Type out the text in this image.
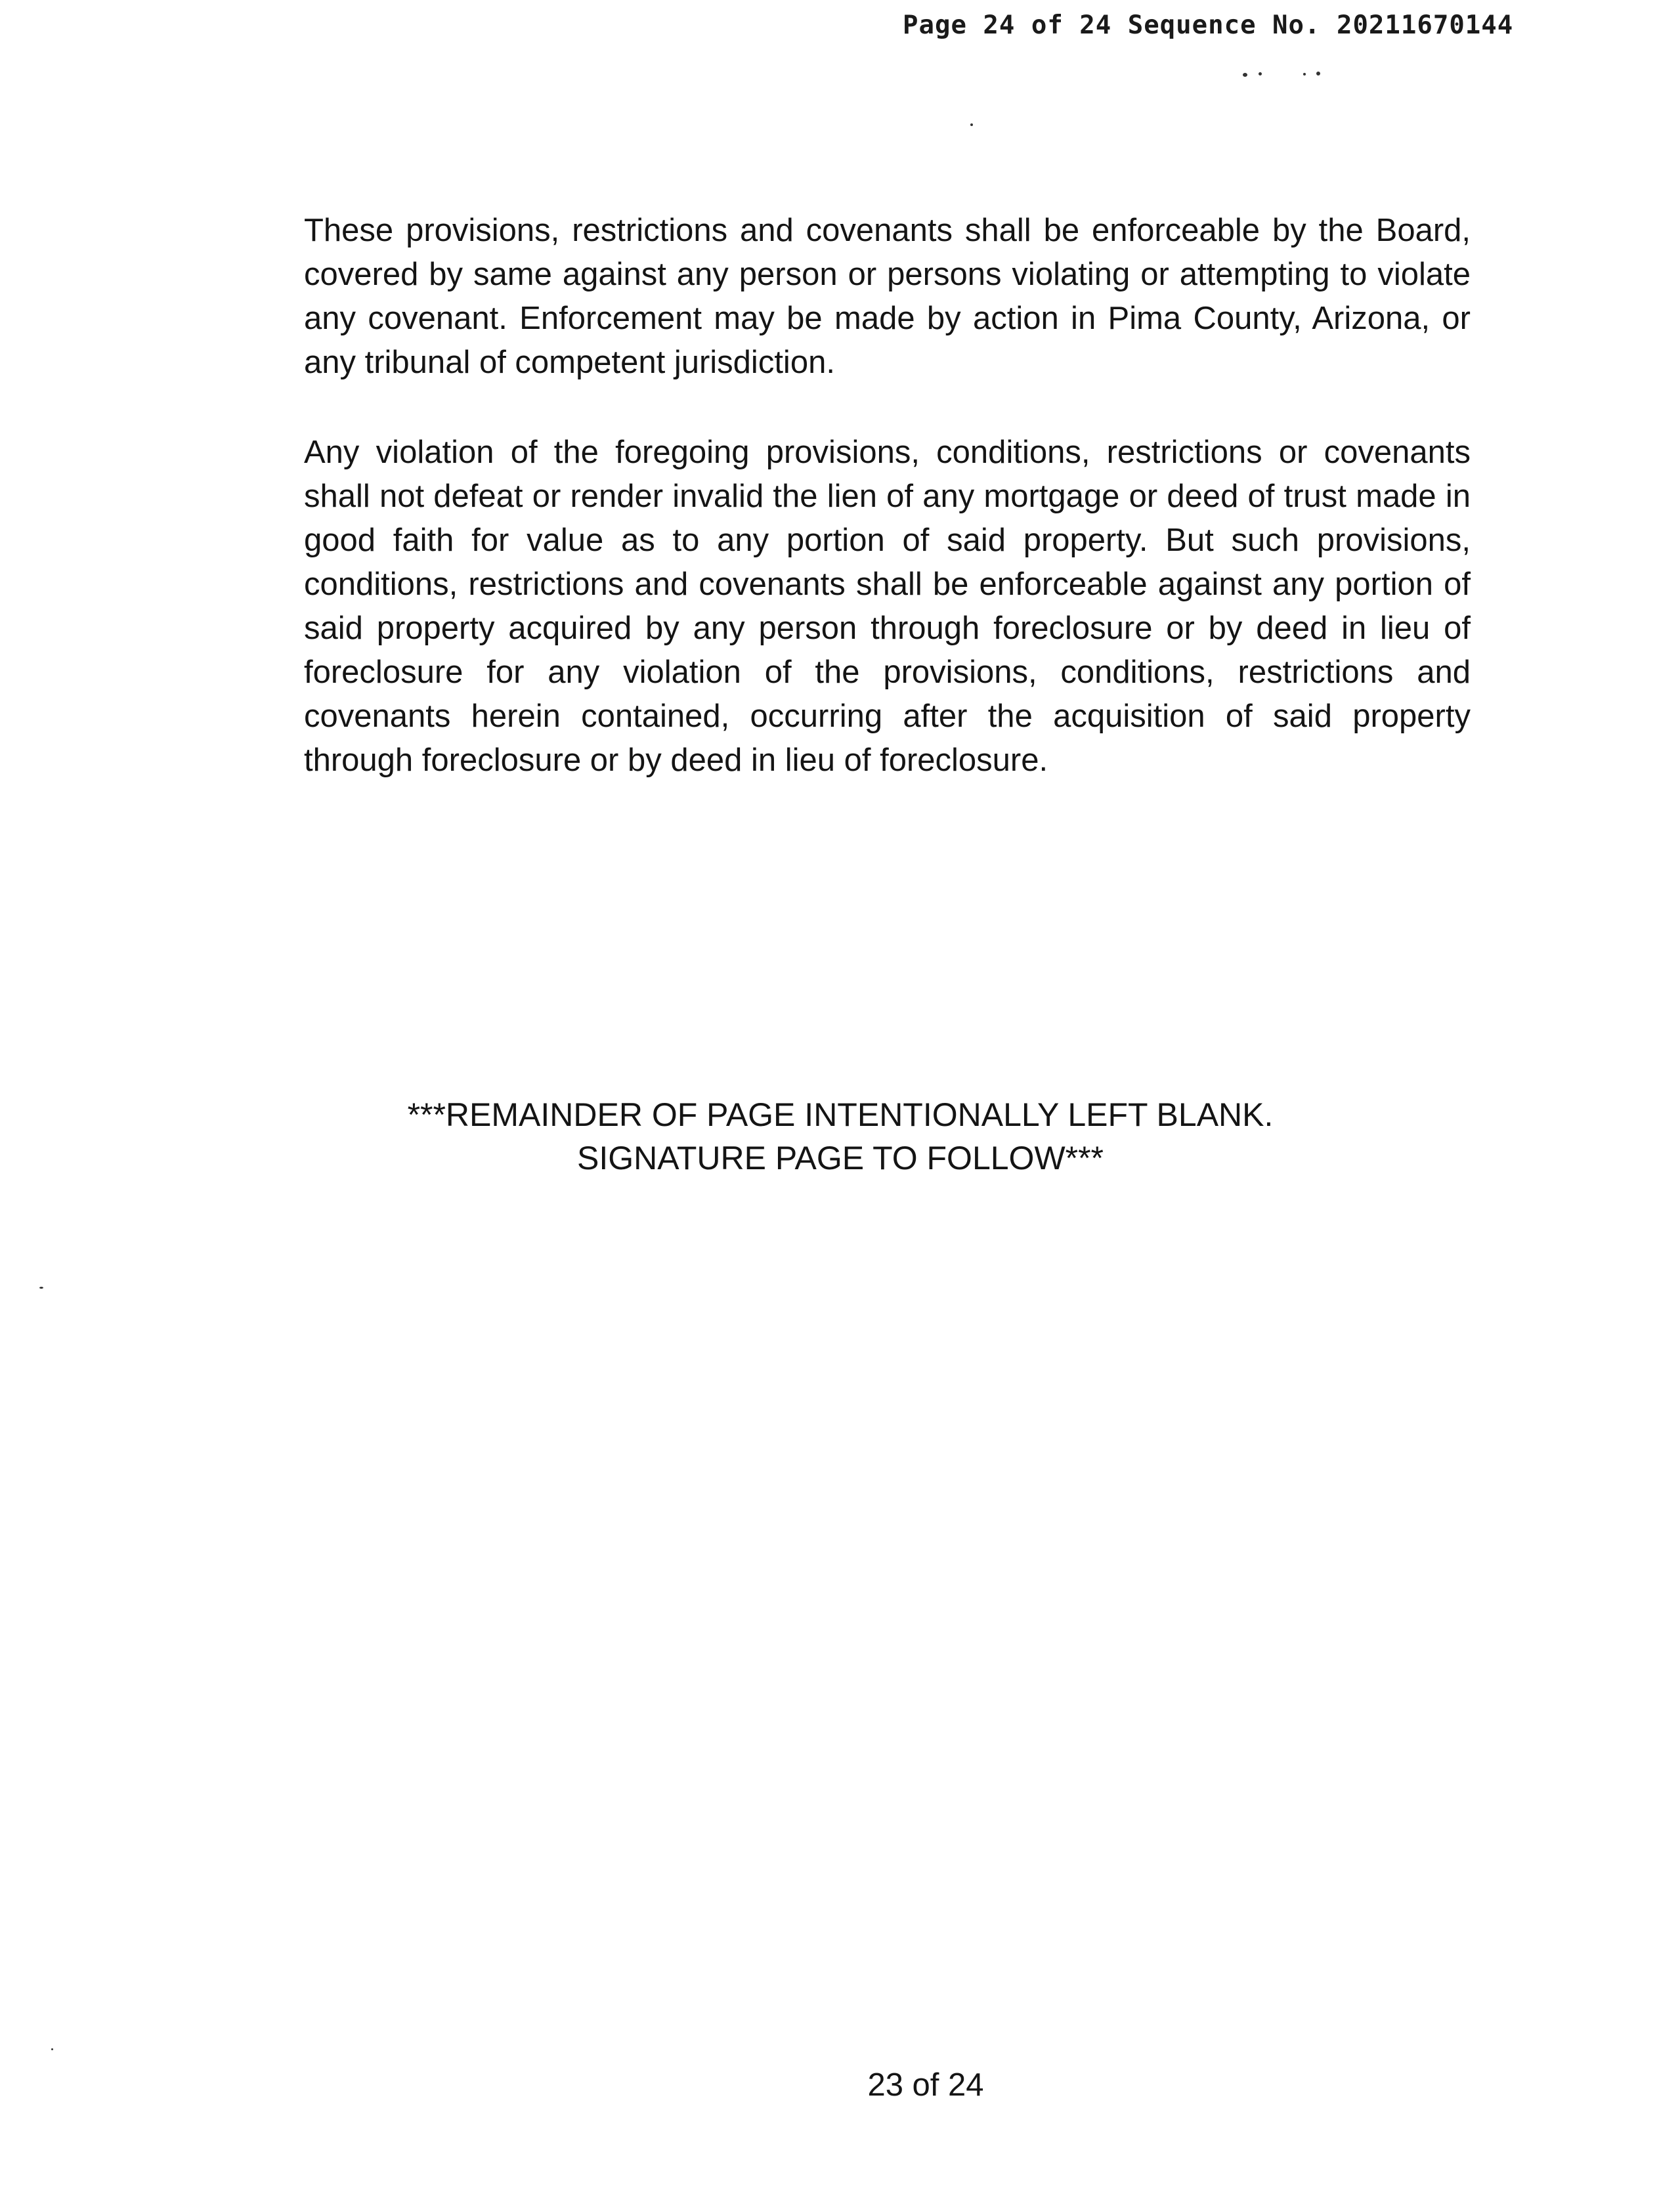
Page 24 of 24 Sequence No. 20211670144

These provisions, restrictions and covenants shall be enforceable by the Board, covered by same against any person or persons violating or attempting to violate any covenant. Enforcement may be made by action in Pima County, Arizona, or any tribunal of competent jurisdiction.

Any violation of the foregoing provisions, conditions, restrictions or covenants shall not defeat or render invalid the lien of any mortgage or deed of trust made in good faith for value as to any portion of said property. But such provisions, conditions, restrictions and covenants shall be enforceable against any portion of said property acquired by any person through foreclosure or by deed in lieu of foreclosure for any violation of the provisions, conditions, restrictions and covenants herein contained, occurring after the acquisition of said property through foreclosure or by deed in lieu of foreclosure.

***REMAINDER OF PAGE INTENTIONALLY LEFT BLANK.
SIGNATURE PAGE TO FOLLOW***
23 of 24
